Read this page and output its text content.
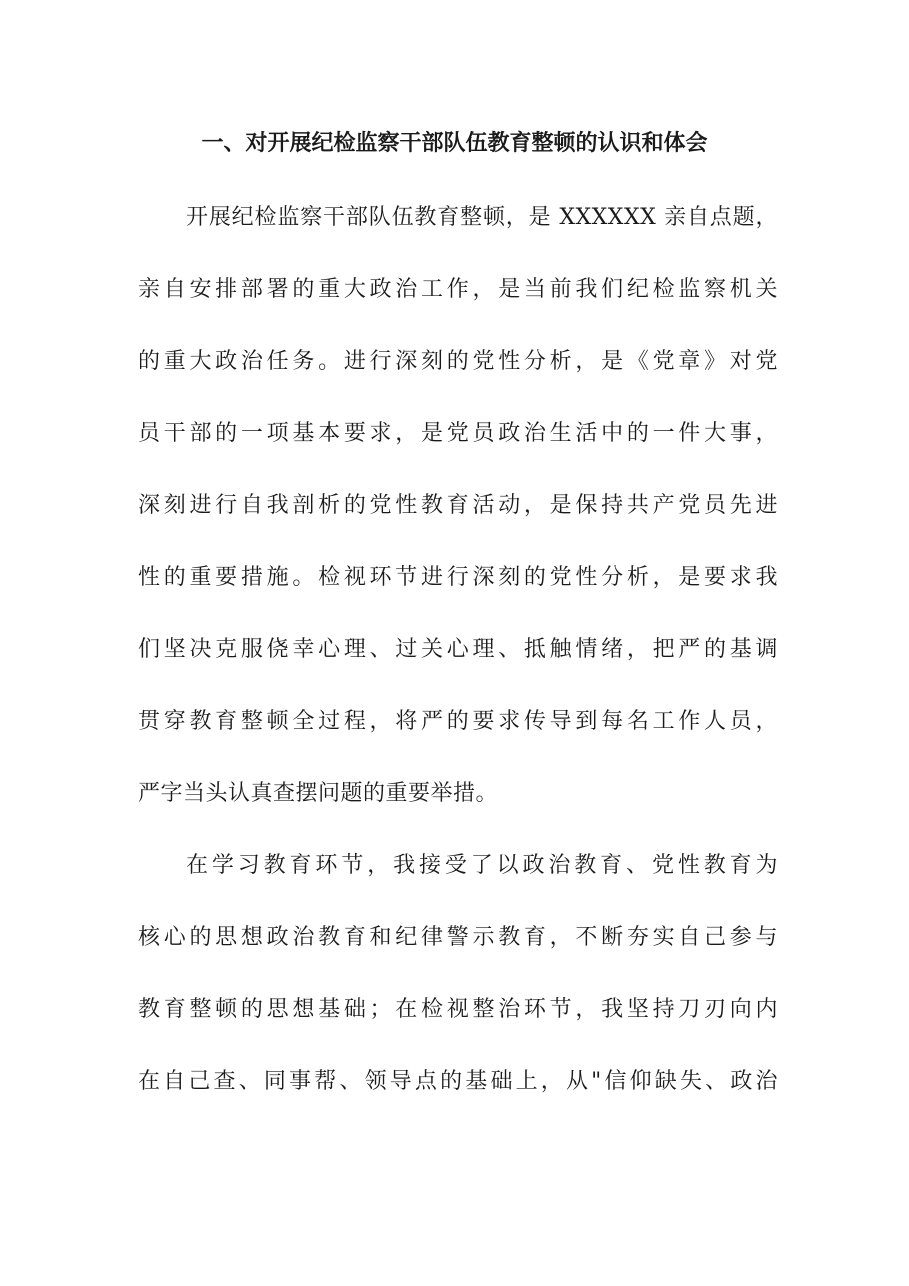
一、对开展纪检监察干部队伍教育整顿的认识和体会
开展纪检监察干部队伍教育整顿，是 XXXXXX 亲自点题，
亲自安排部署的重大政治工作，是当前我们纪检监察机关
的重大政治任务。进行深刻的党性分析，是《党章》对党
员干部的一项基本要求，是党员政治生活中的一件大事，
深刻进行自我剖析的党性教育活动，是保持共产党员先进
性的重要措施。检视环节进行深刻的党性分析，是要求我
们坚决克服侥幸心理、过关心理、抵触情绪，把严的基调
贯穿教育整顿全过程，将严的要求传导到每名工作人员，
严字当头认真查摆问题的重要举措。
在学习教育环节，我接受了以政治教育、党性教育为
核心的思想政治教育和纪律警示教育，不断夯实自己参与
教育整顿的思想基础；在检视整治环节，我坚持刀刃向内
在自己查、同事帮、领导点的基础上，从"信仰缺失、政治
